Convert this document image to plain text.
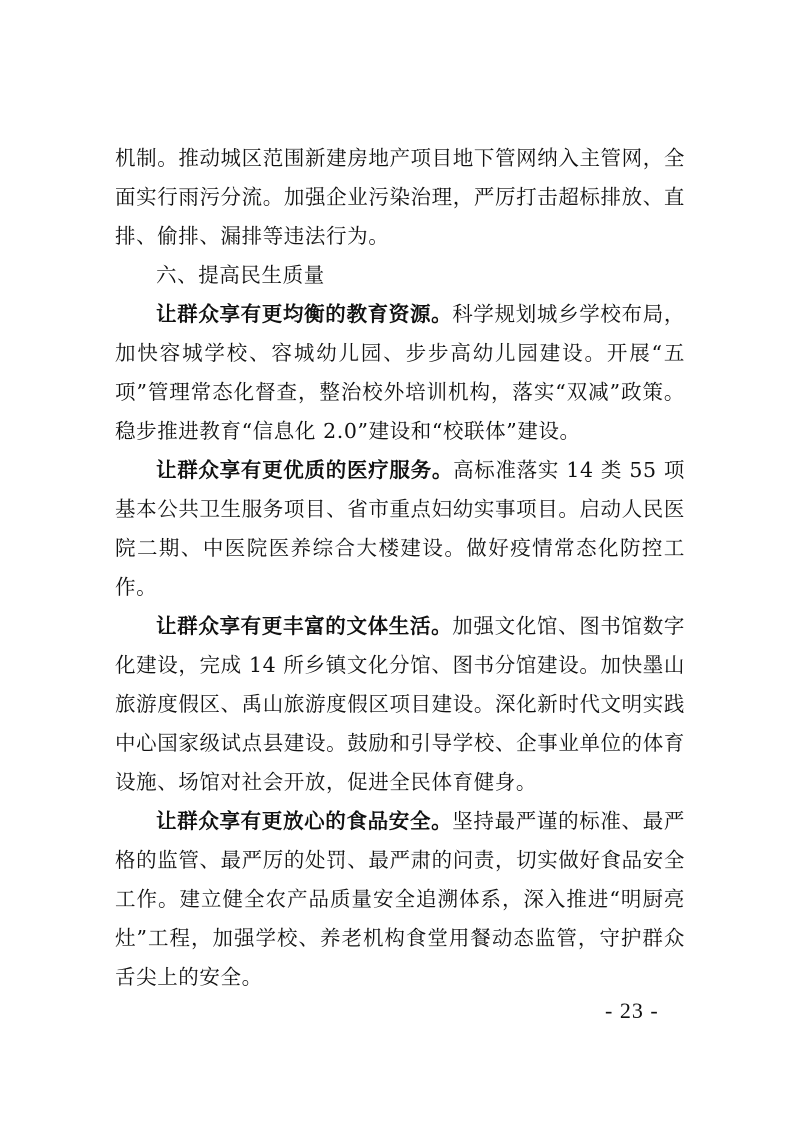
机制。推动城区范围新建房地产项目地下管网纳入主管网，全面实行雨污分流。加强企业污染治理，严厉打击超标排放、直排、偷排、漏排等违法行为。

六、提高民生质量

让群众享有更均衡的教育资源。科学规划城乡学校布局，加快容城学校、容城幼儿园、步步高幼儿园建设。开展“五项”管理常态化督查，整治校外培训机构，落实“双减”政策。稳步推进教育“信息化 2.0”建设和“校联体”建设。

让群众享有更优质的医疗服务。高标准落实 14 类 55 项基本公共卫生服务项目、省市重点妇幼实事项目。启动人民医院二期、中医院医养综合大楼建设。做好疫情常态化防控工作。

让群众享有更丰富的文体生活。加强文化馆、图书馆数字化建设，完成 14 所乡镇文化分馆、图书分馆建设。加快墨山旅游度假区、禹山旅游度假区项目建设。深化新时代文明实践中心国家级试点县建设。鼓励和引导学校、企事业单位的体育设施、场馆对社会开放，促进全民体育健身。

让群众享有更放心的食品安全。坚持最严谨的标准、最严格的监管、最严厉的处罚、最严肃的问责，切实做好食品安全工作。建立健全农产品质量安全追溯体系，深入推进“明厨亮灶”工程，加强学校、养老机构食堂用餐动态监管，守护群众舌尖上的安全。

- 23 -
